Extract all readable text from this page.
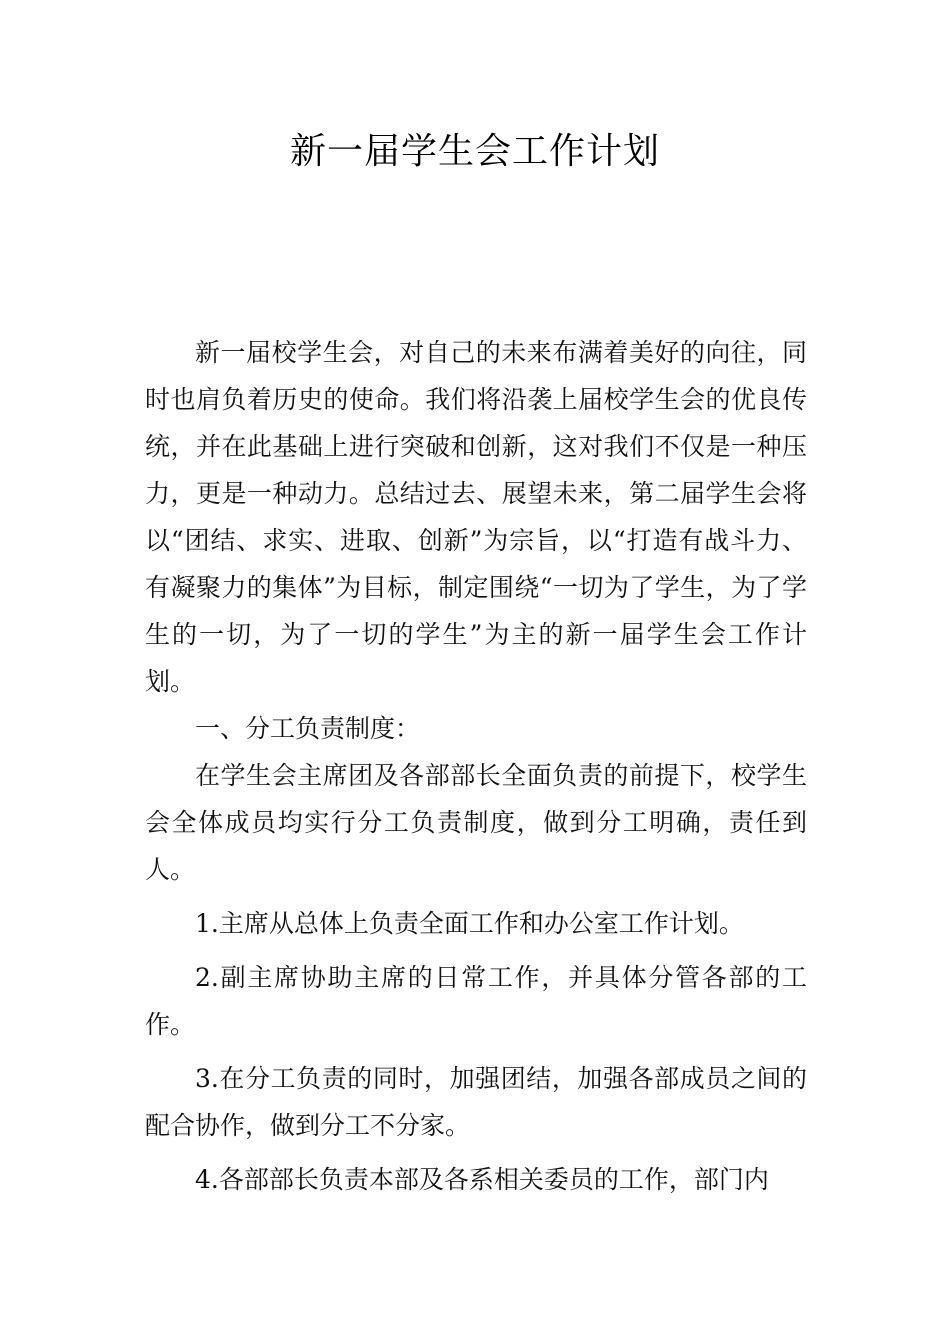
新一届学生会工作计划

新一届校学生会，对自己的未来布满着美好的向往，同时也肩负着历史的使命。我们将沿袭上届校学生会的优良传统，并在此基础上进行突破和创新，这对我们不仅是一种压力，更是一种动力。总结过去、展望未来，第二届学生会将以“团结、求实、进取、创新”为宗旨，以“打造有战斗力、有凝聚力的集体”为目标，制定围绕“一切为了学生，为了学生的一切，为了一切的学生”为主的新一届学生会工作计划。

一、分工负责制度：

在学生会主席团及各部部长全面负责的前提下，校学生会全体成员均实行分工负责制度，做到分工明确，责任到人。

1.主席从总体上负责全面工作和办公室工作计划。

2.副主席协助主席的日常工作，并具体分管各部的工作。

3.在分工负责的同时，加强团结，加强各部成员之间的配合协作，做到分工不分家。

4.各部部长负责本部及各系相关委员的工作，部门内
